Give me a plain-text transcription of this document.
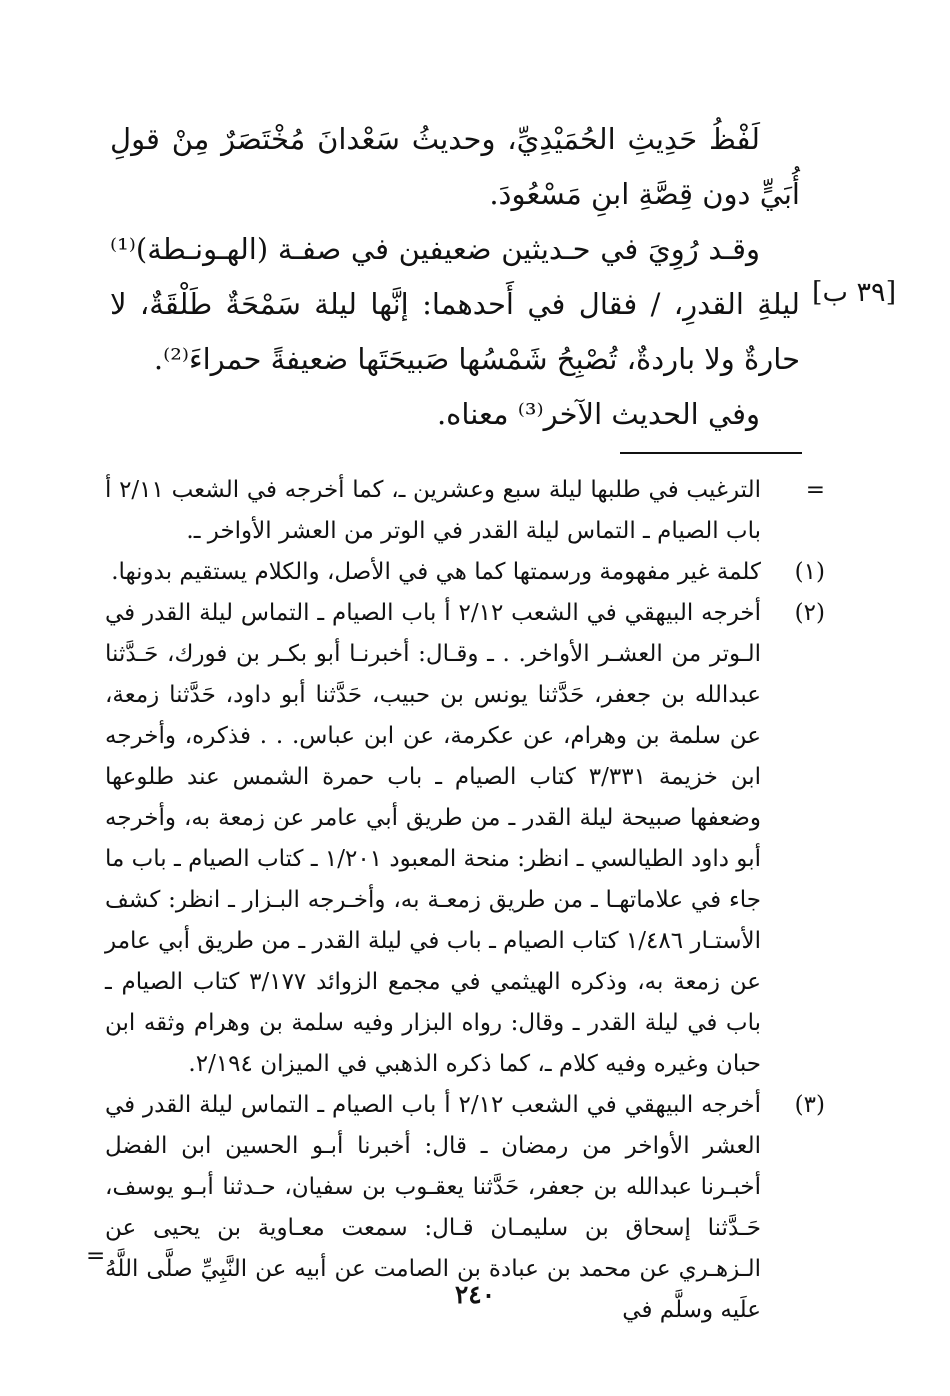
لَفْظُ حَدِيثِ الحُمَيْدِيِّ، وحديثُ سَعْدانَ مُخْتَصَرٌ مِنْ قولِ أُبَيٍّ دون قِصَّةِ ابنِ مَسْعُودَ.

وقـد رُوِيَ في حـديثين ضعيفين في صفـة (الهـونـطة)⁽¹⁾ ليلةِ القدرِ، / فقال في أَحدهما: إنَّها ليلة سَمْحَةٌ طَلْقَةٌ، لا حارةٌ ولا باردةٌ، تُصْبِحُ شَمْسُها صَبيحَتَها ضعيفةً حمراءَ⁽²⁾.

وفي الحديث الآخر⁽³⁾ معناه.

[٣٩ ب]
=
الترغيب في طلبها ليلة سبع وعشرين ـ، كما أخرجه في الشعب ٢/١١ أ باب الصيام ـ التماس ليلة القدر في الوتر من العشر الأواخر ـ.
(١)
كلمة غير مفهومة ورسمتها كما هي في الأصل، والكلام يستقيم بدونها.
(٢)
أخرجه البيهقي في الشعب ٢/١٢ أ باب الصيام ـ التماس ليلة القدر في الـوتر من العشـر الأواخر. . ـ وقـال: أخبرنـا أبو بكـر بن فورك، حَـدَّثنا عبدالله بن جعفر، حَدَّثنا يونس بن حبيب، حَدَّثنا أبو داود، حَدَّثنا زمعة، عن سلمة بن وهرام، عن عكرمة، عن ابن عباس. . . فذكره، وأخرجه ابن خزيمة ٣/٣٣١ كتاب الصيام ـ باب حمرة الشمس عند طلوعها وضعفها صبيحة ليلة القدر ـ من طريق أبي عامر عن زمعة به، وأخرجه أبو داود الطيالسي ـ انظر: منحة المعبود ١/٢٠١ ـ كتاب الصيام ـ باب ما جاء في علاماتهـا ـ من طريق زمعـة به، وأخـرجه البـزار ـ انظر: كشف الأستـار ١/٤٨٦ كتاب الصيام ـ باب في ليلة القدر ـ من طريق أبي عامر عن زمعة به، وذكره الهيثمي في مجمع الزوائد ٣/١٧٧ كتاب الصيام ـ باب في ليلة القدر ـ وقال: رواه البزار وفيه سلمة بن وهرام وثقه ابن حبان وغيره وفيه كلام ـ، كما ذكره الذهبي في الميزان ٢/١٩٤.
(٣)
أخرجه البيهقي في الشعب ٢/١٢ أ باب الصيام ـ التماس ليلة القدر في العشر الأواخر من رمضان ـ قال: أخبرنا أبـو الحسين ابن الفضل أخبـرنا عبدالله بن جعفر، حَدَّثنا يعقـوب بن سفيان، حـدثنا أبـو يوسف، حَـدَّثنا إسحاق بن سليمـان قـال: سمعت معـاوية بن يحيى عن الـزهـري عن محمد بن عبادة بن الصامت عن أبيه عن النَّبِيِّ صلَّى اللَّهُ علَيه وسلَّم في
=
٢٤٠
